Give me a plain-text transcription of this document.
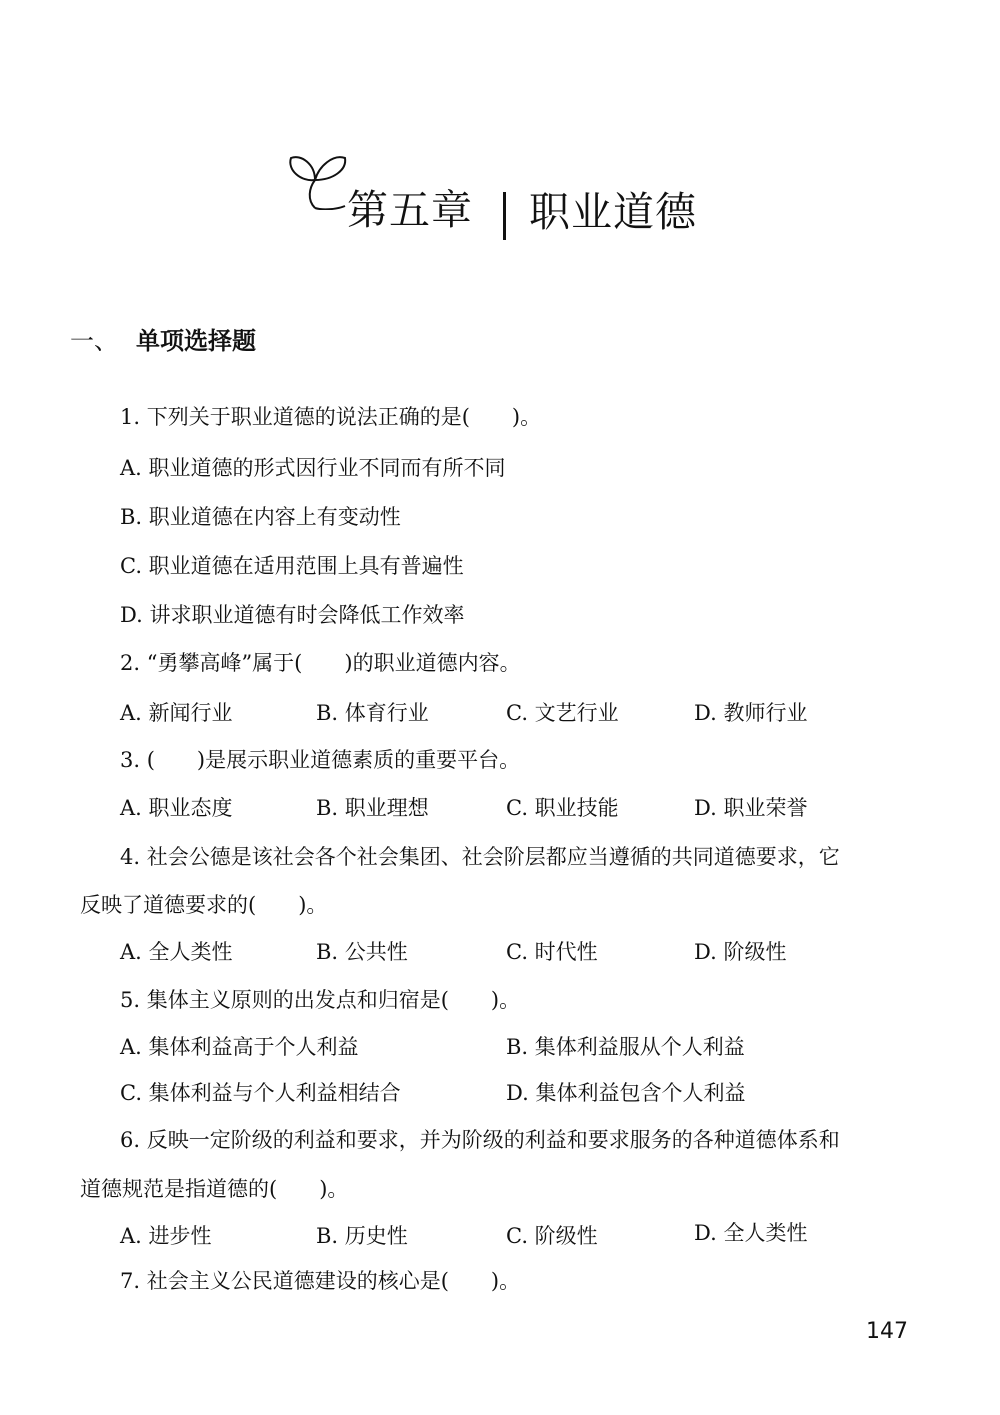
第五章 职业道德
一、 单项选择题
1. 下列关于职业道德的说法正确的是(　　)。
A. 职业道德的形式因行业不同而有所不同
B. 职业道德在内容上有变动性
C. 职业道德在适用范围上具有普遍性
D. 讲求职业道德有时会降低工作效率
2. “勇攀高峰”属于(　　)的职业道德内容。
A. 新闻行业	B. 体育行业	C. 文艺行业	D. 教师行业
3. (　　)是展示职业道德素质的重要平台。
A. 职业态度	B. 职业理想	C. 职业技能	D. 职业荣誉
4. 社会公德是该社会各个社会集团、社会阶层都应当遵循的共同道德要求，它
反映了道德要求的(　　)。
A. 全人类性	B. 公共性	C. 时代性	D. 阶级性
5. 集体主义原则的出发点和归宿是(　　)。
A. 集体利益高于个人利益	B. 集体利益服从个人利益
C. 集体利益与个人利益相结合	D. 集体利益包含个人利益
6. 反映一定阶级的利益和要求，并为阶级的利益和要求服务的各种道德体系和
道德规范是指道德的(　　)。
A. 进步性	B. 历史性	C. 阶级性	D. 全人类性
7. 社会主义公民道德建设的核心是(　　)。
147
